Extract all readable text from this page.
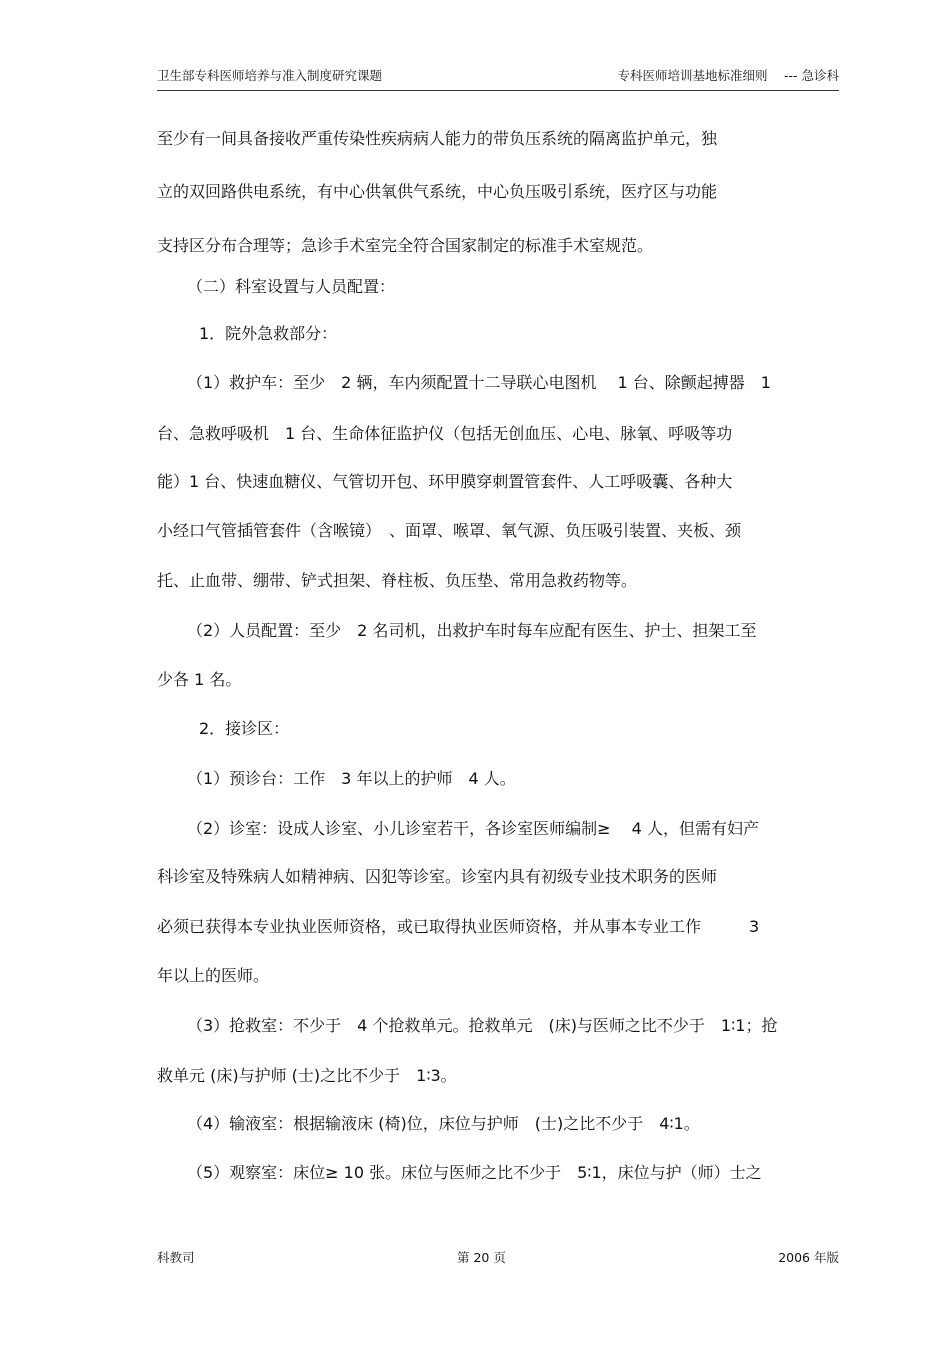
卫生部专科医师培养与准入制度研究课题	专科医师培训基地标准细则　 --- 急诊科
至少有一间具备接收严重传染性疾病病人能力的带负压系统的隔离监护单元，独
立的双回路供电系统，有中心供氧供气系统，中心负压吸引系统，医疗区与功能
支持区分布合理等；急诊手术室完全符合国家制定的标准手术室规范。
（二）科室设置与人员配置：
1．院外急救部分：
（1）救护车：至少　2 辆，车内须配置十二导联心电图机　 1 台、除颤起搏器　1
台、急救呼吸机　1 台、生命体征监护仪（包括无创血压、心电、脉氧、呼吸等功
能）1 台、快速血糖仪、气管切开包、环甲膜穿刺置管套件、人工呼吸囊、各种大
小经口气管插管套件（含喉镜）　、面罩、喉罩、氧气源、负压吸引装置、夹板、颈
托、止血带、绷带、铲式担架、脊柱板、负压垫、常用急救药物等。
（2）人员配置：至少　2 名司机，出救护车时每车应配有医生、护士、担架工至
少各 1 名。
2．接诊区：
（1）预诊台：工作　3 年以上的护师　4 人。
（2）诊室：设成人诊室、小儿诊室若干，各诊室医师编制≥　 4 人，但需有妇产
科诊室及特殊病人如精神病、囚犯等诊室。诊室内具有初级专业技术职务的医师
必须已获得本专业执业医师资格，或已取得执业医师资格，并从事本专业工作　　　3
年以上的医师。
（3）抢救室：不少于　4 个抢救单元。抢救单元　(床)与医师之比不少于　1∶1；抢
救单元 (床)与护师 (士)之比不少于　1∶3。
（4）输液室：根据输液床 (椅)位，床位与护师　(士)之比不少于　4∶1。
（5）观察室：床位≥ 10 张。床位与医师之比不少于　5∶1，床位与护（师）士之
科教司	第 20 页	2006 年版
